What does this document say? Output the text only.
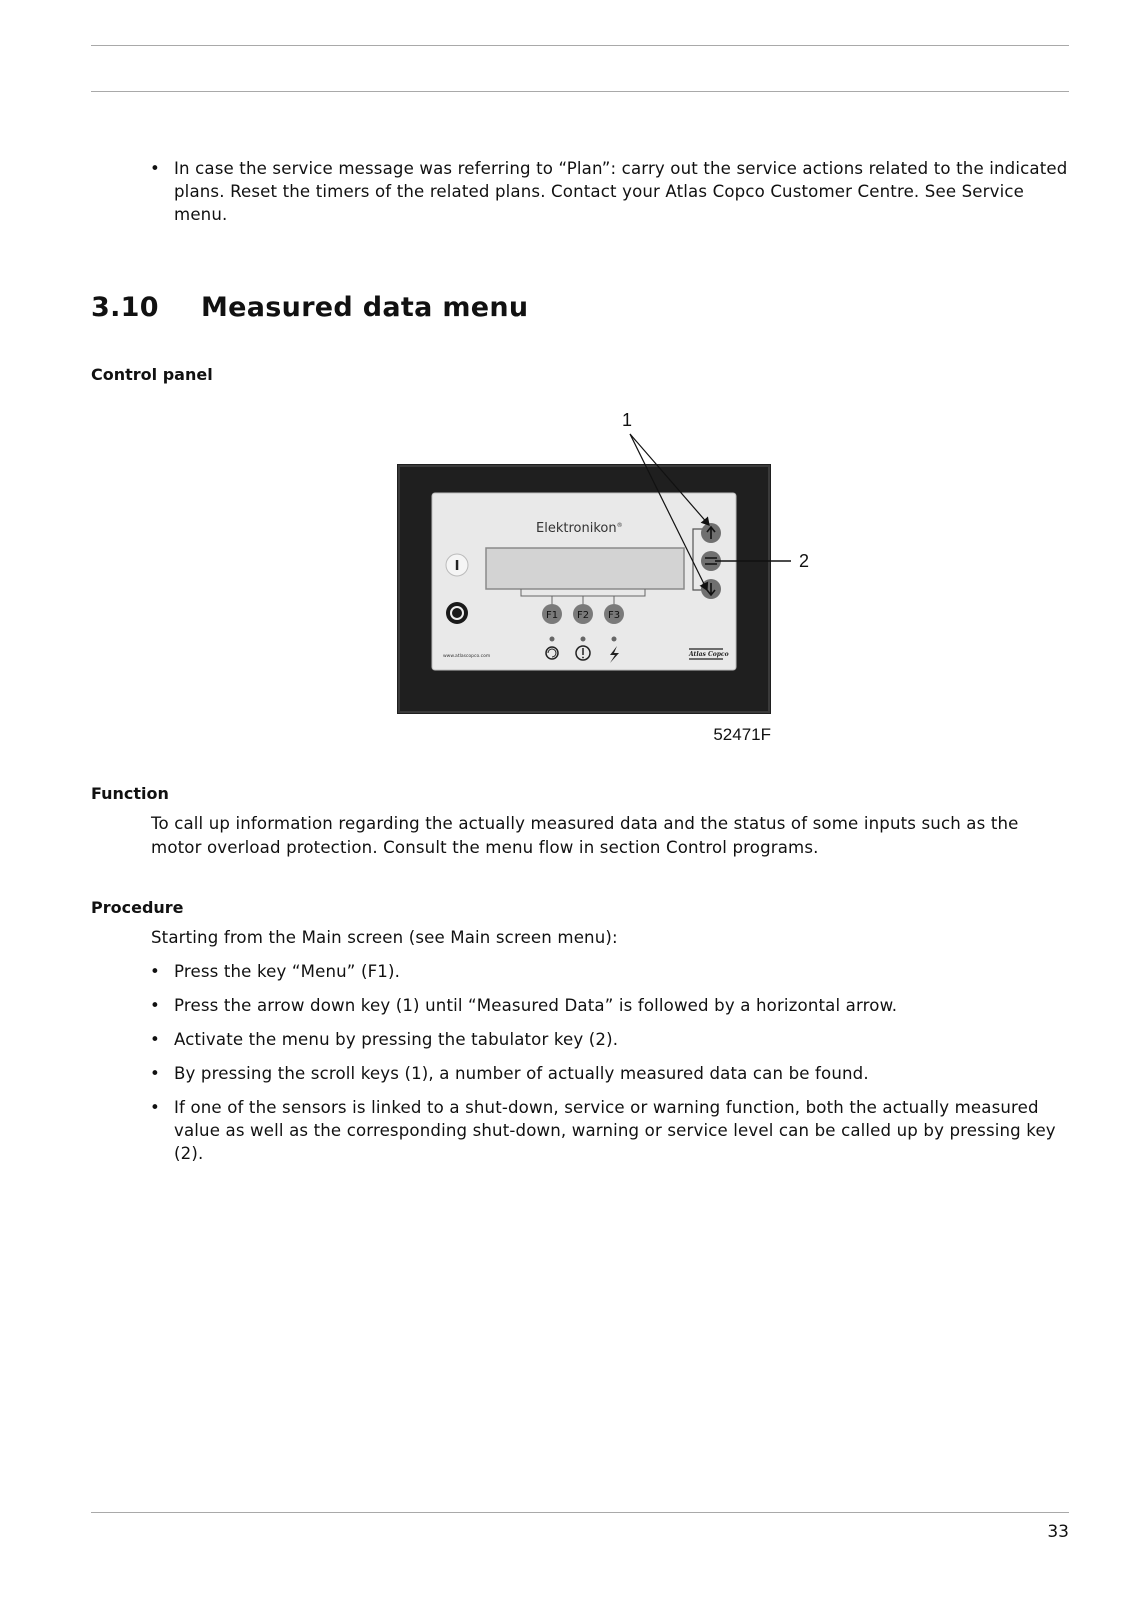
• In case the service message was referring to “Plan”: carry out the service actions related to the indicated plans. Reset the timers of the related plans. Contact your Atlas Copco Customer Centre. See Service menu.
3.10 Measured data menu
Control panel
Elektronikon®
I
F1 F2 F3
www.atlascopco.com	Atlas Copco
1
2
52471F
Function

To call up information regarding the actually measured data and the status of some inputs such as the motor overload protection. Consult the menu flow in section Control programs.

Procedure

Starting from the Main screen (see Main screen menu):

• Press the key “Menu” (F1).
• Press the arrow down key (1) until “Measured Data” is followed by a horizontal arrow.
• Activate the menu by pressing the tabulator key (2).
• By pressing the scroll keys (1), a number of actually measured data can be found.
• If one of the sensors is linked to a shut-down, service or warning function, both the actually measured value as well as the corresponding shut-down, warning or service level can be called up by pressing key (2).
33
